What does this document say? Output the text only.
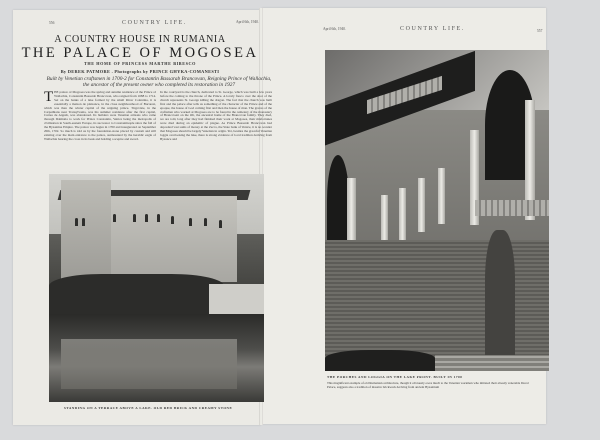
556	COUNTRY LIFE.	April 6th, 1940.
A COUNTRY HOUSE IN RUMANIA
THE PALACE OF MOGOSEA
THE HOME OF PRINCESS MARTHE BIBESCO
By DEREK PATMORE . Photographs by PRINCE GHYKA-COMANESTI
Built by Venetian craftsmen in 1700-2 for Constantin Bassarab Brancovan, Reigning Prince of Wallachia, the ancestor of the present owner who completed its restoration in 1927
T HE palace of Mogosea was the spring and autumn residence of the Prince of Wallachia, Constantin Bassarab Brancovan, who reigned from 1688 to 1714. Set on the banks of a lake formed by the small River Colentina, it is essentially a maison de plaisance, in the close neighbourhood of Bucarest, which was then the winter capital of the reigning prince. Tirgoviste, in the Carpathians near Transylvania, was his summer residence after the first capital, Curtea de Argesh, was abandoned. Its builders were Venetian artisans who came through Dalmatia to work for Prince Constantin, Venice being the metropolis of civilisation in South-eastern Europe, its successor to Constantinople since the fall of the Byzantine Empire. The palace was begun in 1700 and inaugurated on September 20th, 1702. So much is told us by the foundation-stone placed by custom and still existing over the main entrance to the palace, surmounted by the heraldic eagle of Wallachia bearing the cross in its beak and holding a sceptre and sword.
In the courtyard is the church, dedicated to St. George, which was built a few years before the coming to the throne of the Prince. A lovely fresco over the door of the church represents St. George killing the dragon. The fact that the church was built first and the palace after tells us something of the character of the Prince and of the epoque, the house of God coming first and then the house of man. The graves of the craftsmen who worked at Mogosea are to be found in the cemetery of the monastery of Brancoveni on the Olt, the ancestral home of the Brancovan family. They died, we are told, long after they had finished their work at Mogosea, their misfortunes were died during an epidemic of plague. As Prince Bassarab Brancovan had deposited vast sums of money at the Zecca, the State bank of Venice, it is no wonder that Mogosea should be largely Venetian in origin. Yet, besides the graceful Venetian loggia overlooking the lake, there is strong evidence of local tradition deriving from Byzance and
STANDING ON A TERRACE ABOVE A LAKE. OLD RED BRICK AND CREAMY STONE
April 6th, 1940.	COUNTRY LIFE.	557
THE PORCHES AND LOGGIA ON THE LAKE FRONT. BUILT IN 1700
This magnificent example of old Rumanian architecture, though it obviously owes much to the Venetian workmen who imitated their already venerable Ducal Palace, suggests also a tradition of massive brickwork deriving from ancient Byzantium
